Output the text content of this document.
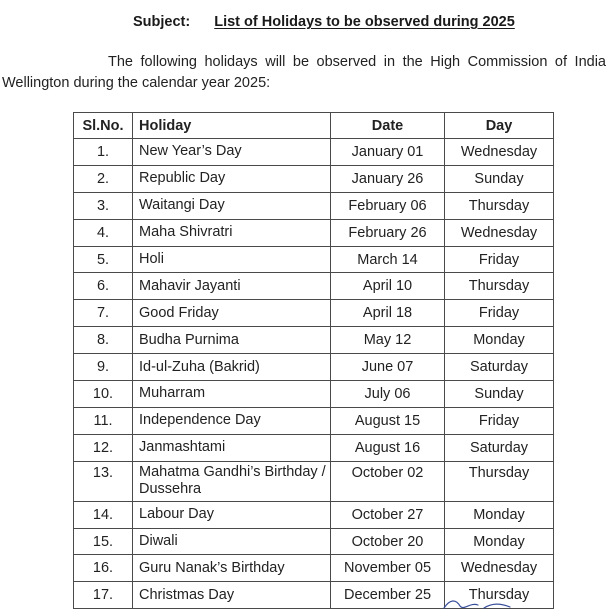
Subject: List of Holidays to be observed during 2025
The following holidays will be observed in the High Commission of India Wellington during the calendar year 2025:
Sl.No.	Holiday	Date	Day
1.	New Year’s Day	January 01	Wednesday
2.	Republic Day	January 26	Sunday
3.	Waitangi Day	February 06	Thursday
4.	Maha Shivratri	February 26	Wednesday
5.	Holi	March 14	Friday
6.	Mahavir Jayanti	April 10	Thursday
7.	Good Friday	April 18	Friday
8.	Budha Purnima	May 12	Monday
9.	Id-ul-Zuha (Bakrid)	June 07	Saturday
10.	Muharram	July 06	Sunday
11.	Independence Day	August 15	Friday
12.	Janmashtami	August 16	Saturday
13.	Mahatma Gandhi’s Birthday / Dussehra	October 02	Thursday
14.	Labour Day	October 27	Monday
15.	Diwali	October 20	Monday
16.	Guru Nanak’s Birthday	November 05	Wednesday
17.	Christmas Day	December 25	Thursday
